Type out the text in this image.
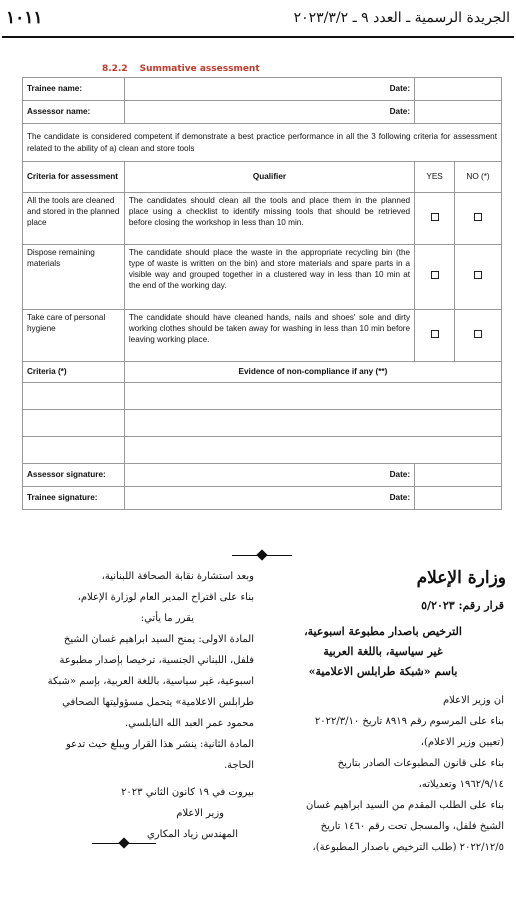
الجريدة الرسمية ـ العدد ٩ ـ ٢٠٢٣/٣/٢
١٠١١
8.2.2 Summative assessment
Trainee name:	Date:		
Assessor name:	Date:		
The candidate is considered competent if demonstrate a best practice performance in all the 3 following criteria for assessment related to the ability of a) clean and store tools			
Criteria for assessment	Qualifier	YES	NO (*)
All the tools are cleaned and stored in the planned place	The candidates should clean all the tools and place them in the planned place using a checklist to identify missing tools that should be retrieved before closing the workshop in less than 10 min.		
Dispose remaining materials	The candidate should place the waste in the appropriate recycling bin (the type of waste is written on the bin) and store materials and spare parts in a visible way and grouped together in a clustered way in less than 10 min at the end of the working day.		
Take care of personal hygiene	The candidate should have cleaned hands, nails and shoes' sole and dirty working clothes should be taken away for washing in less than 10 min before leaving working place.		
Criteria (*)	Evidence of non-compliance if any (**)		

Assessor signature:	Date:		
Trainee signature:	Date:		
وزارة الإعلام
قرار رقم: ٥/٢٠٢٣

الترخيص باصدار مطبوعة اسبوعية،

غير سياسية، باللغة العربية

باسم «شبكة طرابلس الاعلامية»

ان وزير الاعلام

بناء على المرسوم رقم ٨٩١٩ تاريخ ٢٠٢٢/٣/١٠

(تعيين وزير الاعلام)،

بناء على قانون المطبوعات الصادر بتاريخ

١٩٦٢/٩/١٤ وتعديلاته،

بناء على الطلب المقدم من السيد ابراهيم غسان

الشيخ فلفل، والمسجل تحت رقم ١٤٦٠ تاريخ

٢٠٢٢/١٢/٥ (طلب الترخيص باصدار المطبوعة)،

وبعد استشارة نقابة الصحافة اللبنانية،

بناء على اقتراح المدير العام لوزارة الإعلام،

يقرر ما يأتي:

المادة الاولى: يمنح السيد ابراهيم غسان الشيخ

فلفل، اللبناني الجنسية، ترخيصا بإصدار مطبوعة

اسبوعية، غير سياسية، باللغة العربية، بإسم «شبكة

طرابلس الاعلامية» يتحمل مسؤوليتها الصحافي

محمود عمر العبد الله النابلسي.

المادة الثانية: ينشر هذا القرار ويبلغ حيث تدعو

الحاجة.

بيروت في ١٩ كانون الثاني ٢٠٢٣

وزير الاعلام

المهندس زياد المكاري
